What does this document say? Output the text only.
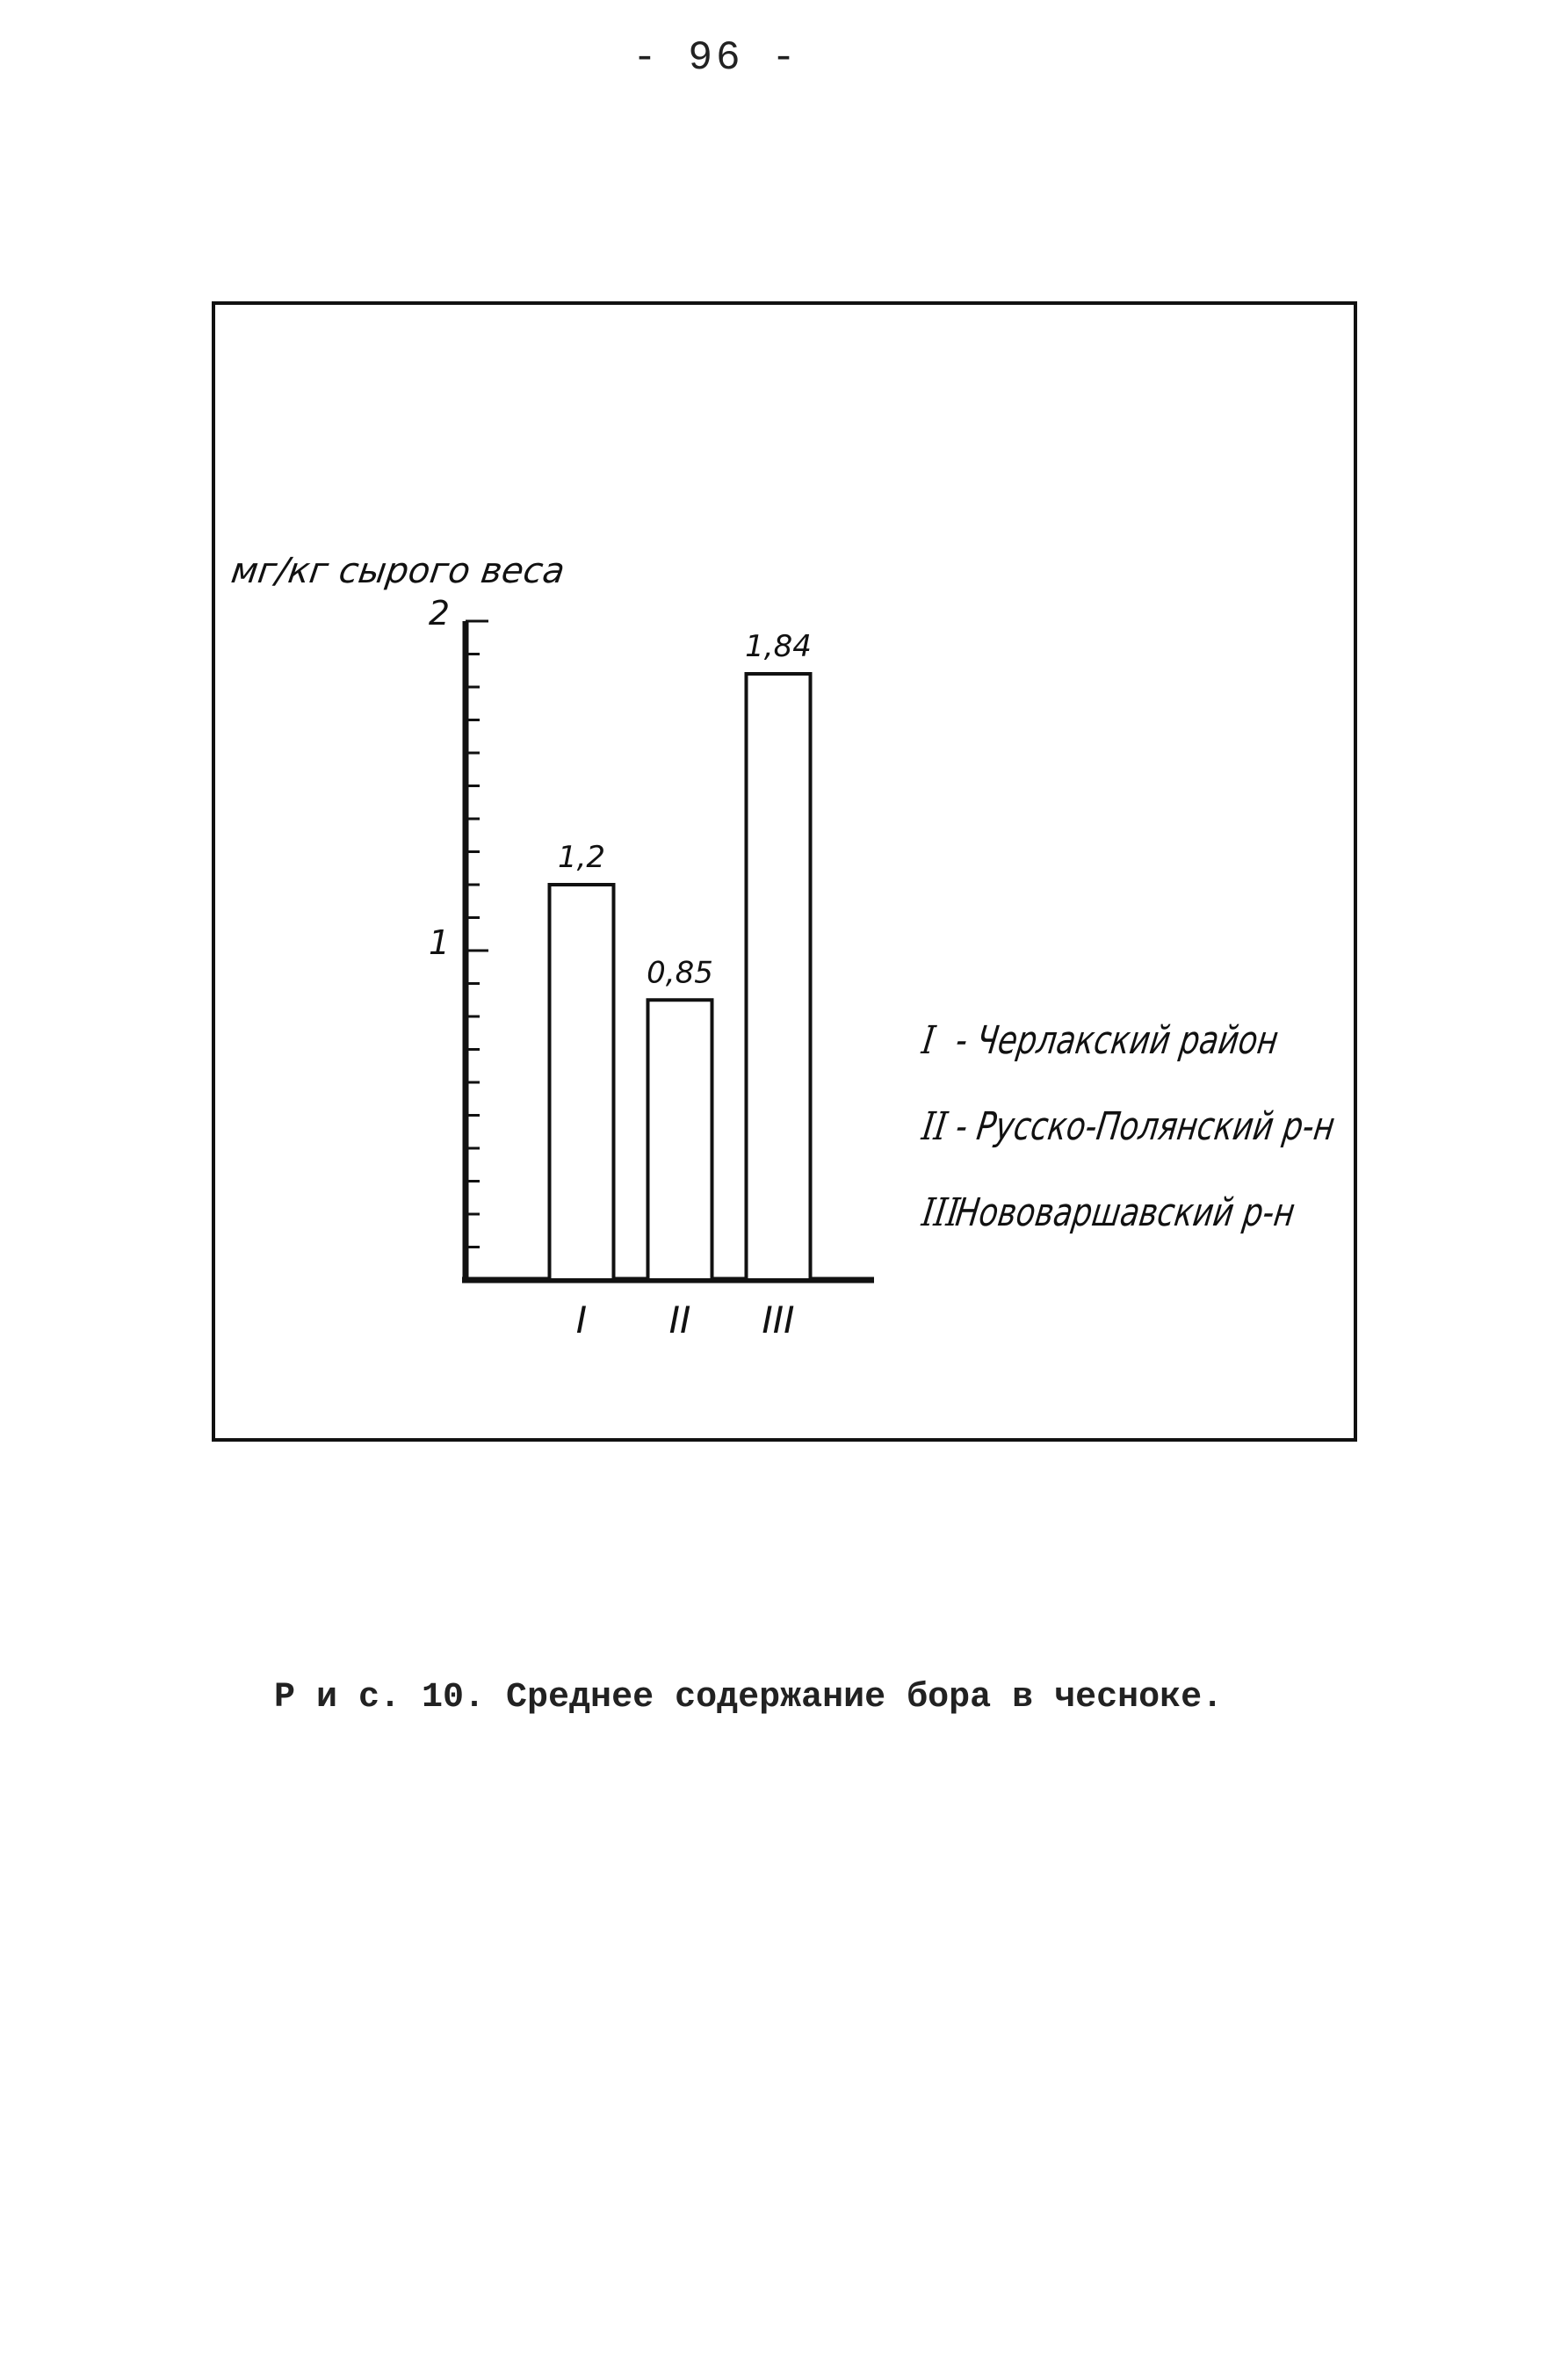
- 96 -
мг/кг сырого веса
1
2
1,2
I
0,85
II
1,84
III
I - Черлакский район
II- Русско-Полянский р-н
IIIНововаршавский р-н
Р и с. 10. Среднее содержание бора в чесноке.
